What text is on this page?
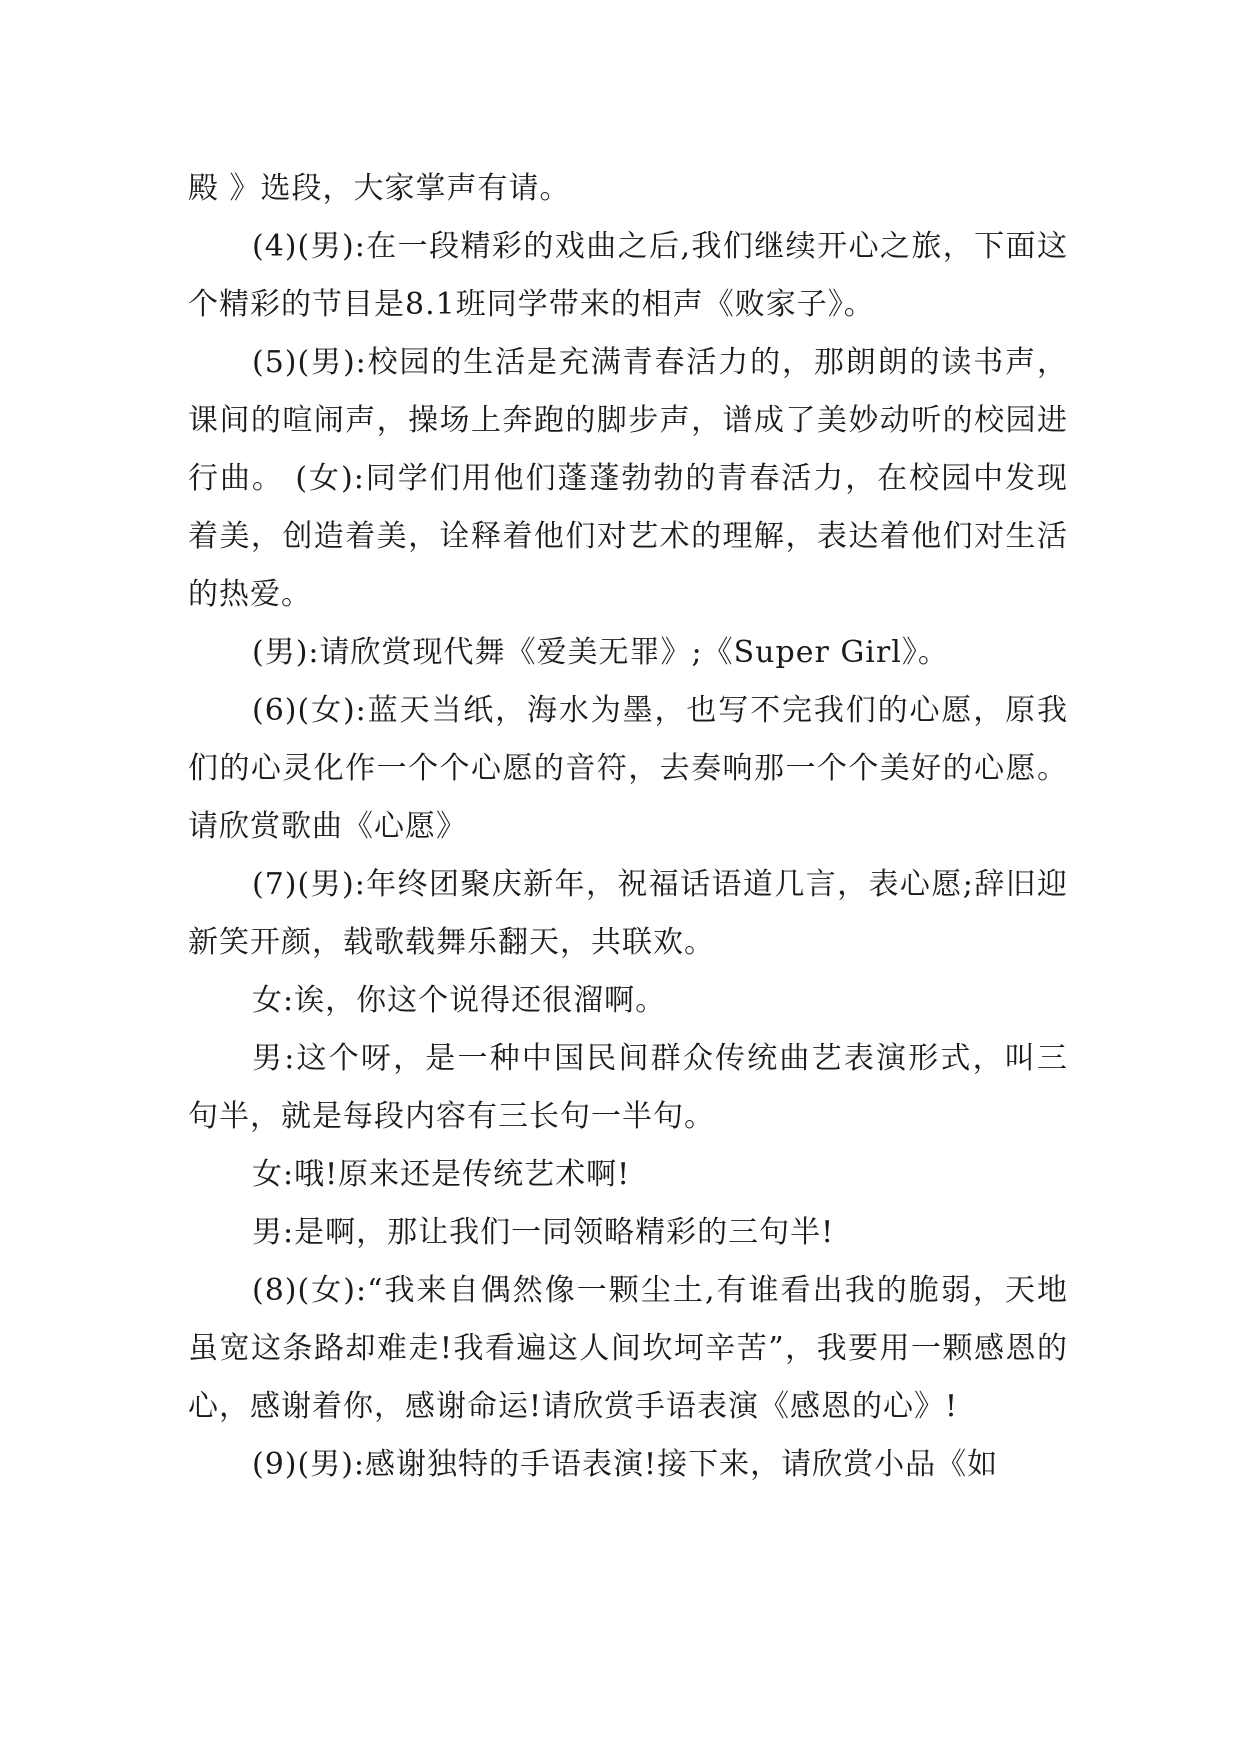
殿 》选段，大家掌声有请。

(4)(男):在一段精彩的戏曲之后,我们继续开心之旅，下面这个精彩的节目是8.1班同学带来的相声《败家子》。

(5)(男):校园的生活是充满青春活力的，那朗朗的读书声，课间的喧闹声，操场上奔跑的脚步声，谱成了美妙动听的校园进行曲。 (女):同学们用他们蓬蓬勃勃的青春活力，在校园中发现着美，创造着美，诠释着他们对艺术的理解，表达着他们对生活的热爱。

(男):请欣赏现代舞《爱美无罪》;《Super Girl》。

(6)(女):蓝天当纸，海水为墨，也写不完我们的心愿，原我们的心灵化作一个个心愿的音符，去奏响那一个个美好的心愿。请欣赏歌曲《心愿》

(7)(男):年终团聚庆新年，祝福话语道几言，表心愿;辞旧迎新笑开颜，载歌载舞乐翻天，共联欢。

女:诶，你这个说得还很溜啊。

男:这个呀，是一种中国民间群众传统曲艺表演形式，叫三句半，就是每段内容有三长句一半句。

女:哦!原来还是传统艺术啊!

男:是啊，那让我们一同领略精彩的三句半!

(8)(女):“我来自偶然像一颗尘土,有谁看出我的脆弱，天地虽宽这条路却难走!我看遍这人间坎坷辛苦”，我要用一颗感恩的心，感谢着你，感谢命运!请欣赏手语表演《感恩的心》!

(9)(男):感谢独特的手语表演!接下来，请欣赏小品《如
